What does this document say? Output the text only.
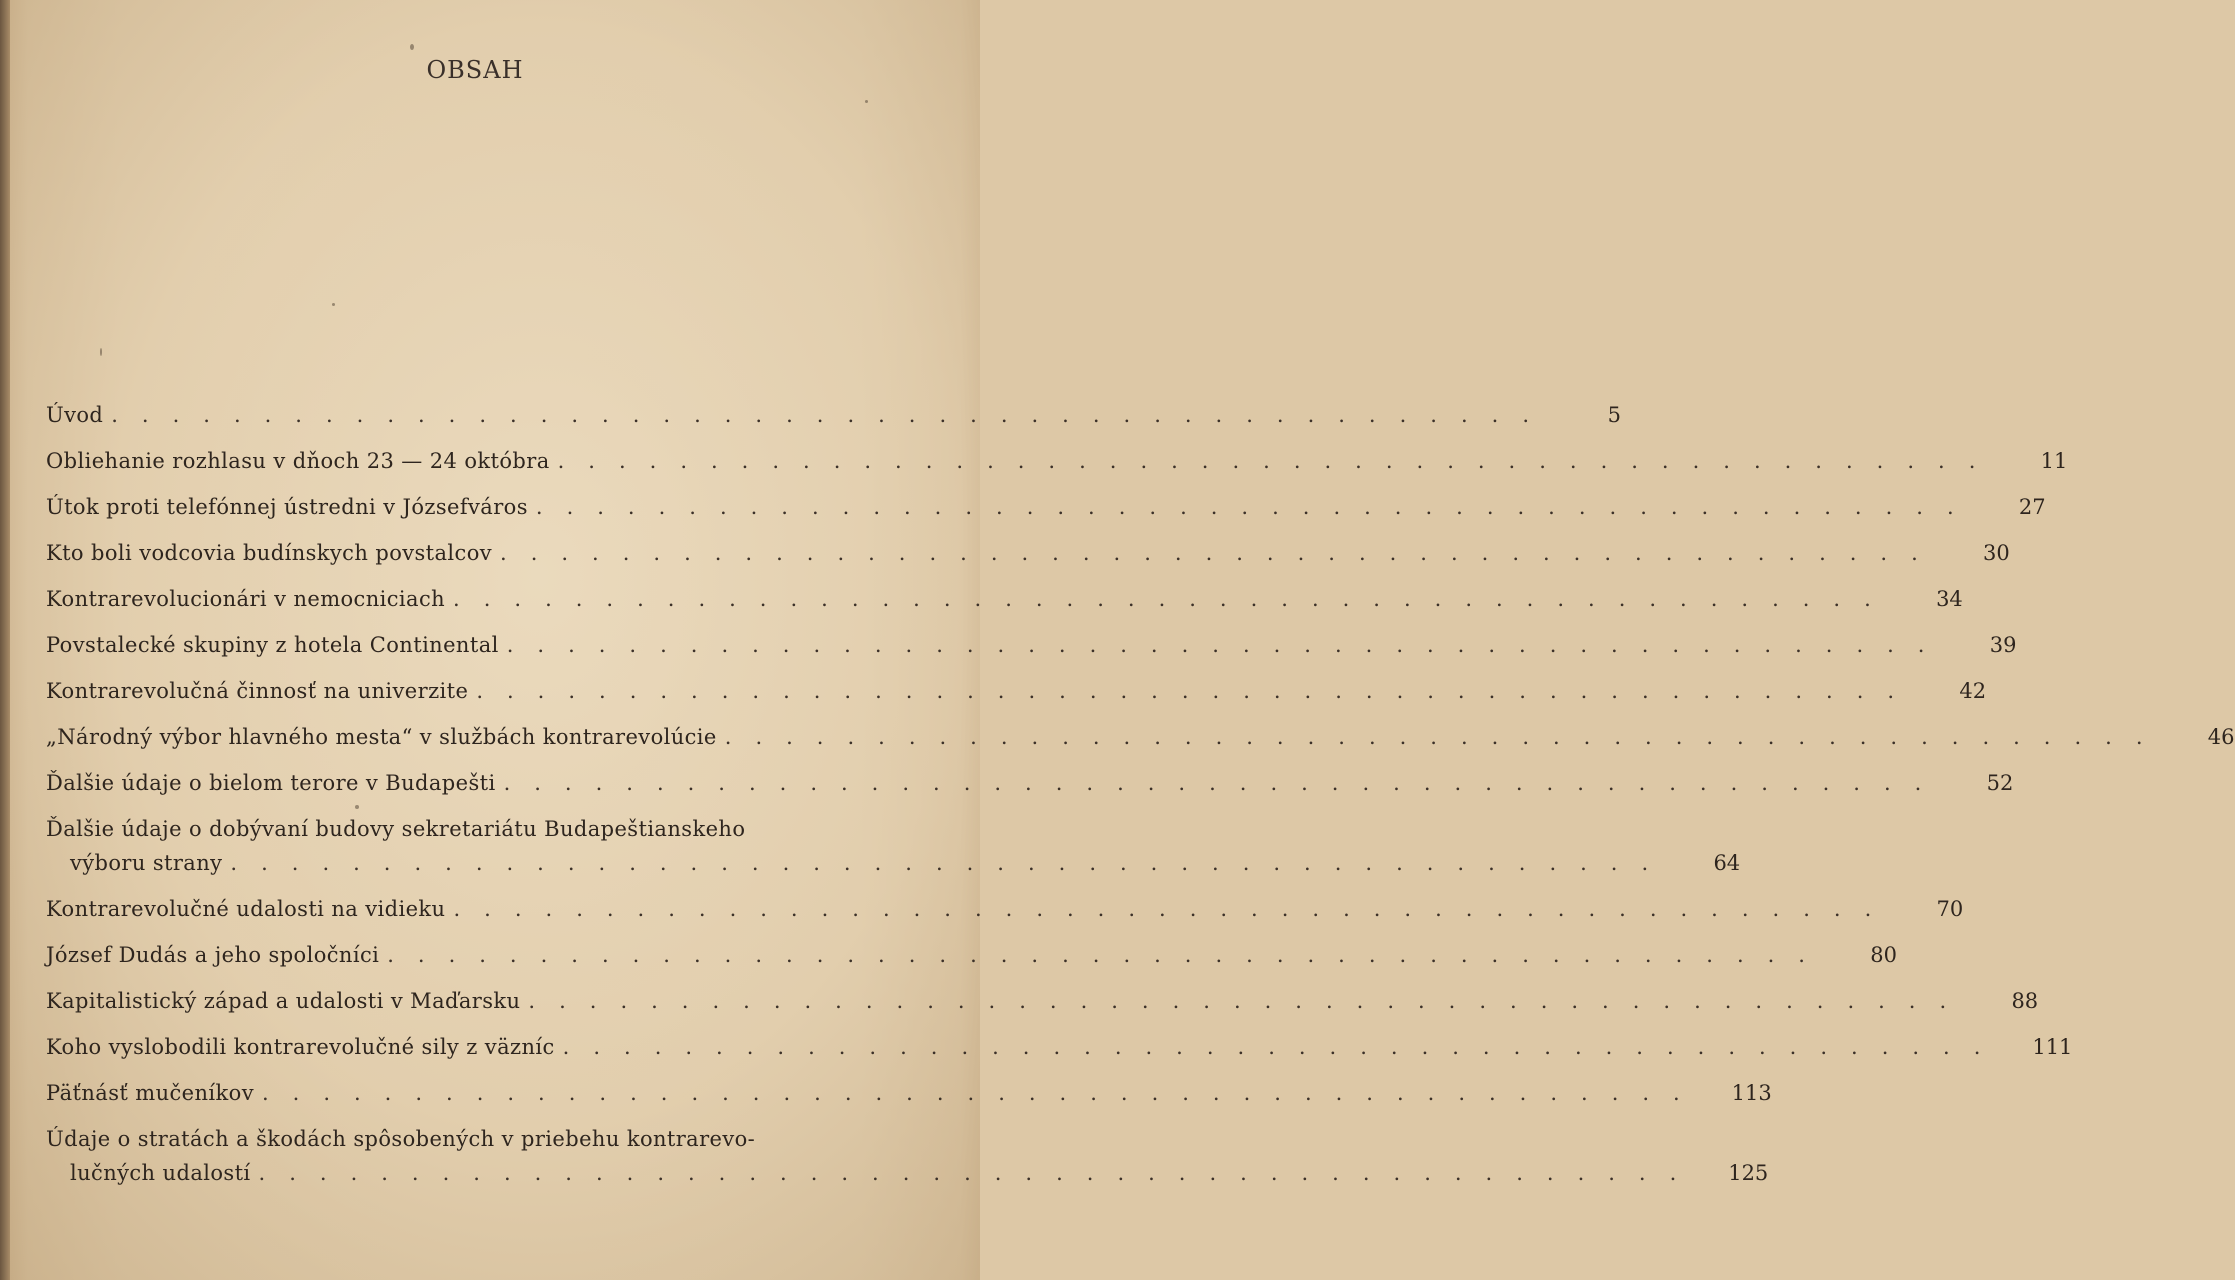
OBSAH
Úvod ...............................................	5
Obliehanie rozhlasu v dňoch 23 — 24 októbra ...............................................	11
Útok proti telefónnej ústredni v Józsefváros ...............................................	27
Kto boli vodcovia budínskych povstalcov ...............................................	30
Kontrarevolucionári v nemocniciach ...............................................	34
Povstalecké skupiny z hotela Continental ...............................................	39
Kontrarevolučná činnosť na univerzite ...............................................	42
„Národný výbor hlavného mesta“ v službách kontrarevolúcie ...............................................	46
Ďalšie údaje o bielom terore v Budapešti ...............................................	52
Ďalšie údaje o dobývaní budovy sekretariátu Budapeštianskeho
výboru strany ...............................................	64
Kontrarevolučné udalosti na vidieku ...............................................	70
József Dudás a jeho spoločníci ...............................................	80
Kapitalistický západ a udalosti v Maďarsku ...............................................	88
Koho vyslobodili kontrarevolučné sily z väzníc ...............................................	111
Päťnásť mučeníkov ...............................................	113
Údaje o stratách a škodách spôsobených v priebehu kontrarevo-
lučných udalostí ...............................................	125
